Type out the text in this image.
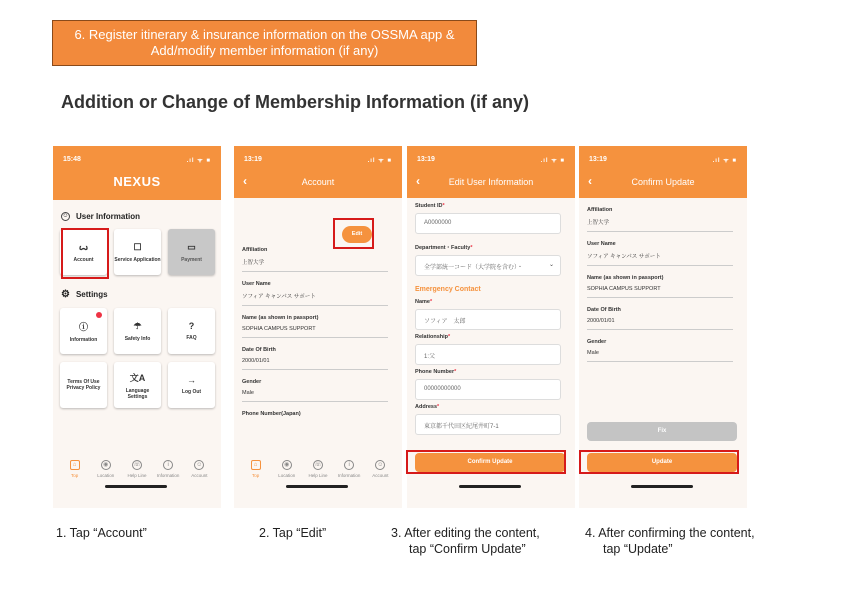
6. Register itinerary & insurance information on the OSSMA app &
Add/modify member information (if any)
Addition or Change of Membership Information (if any)
15:48	.ıl ᯤ ■
NEXUS
☺ User Information
ꙍ
Account
☐
Service Application
▭
Payment
⚙ Settings
ⓘ
Information
☂
Safety Info
?
FAQ
Terms Of Use Privacy Policy
文A
Language Settings
→
Log Out
⌂
Top
◉
Location
☏
Help Line
i
Information
☺
Account
13:19	.ıl ᯤ ■
‹	Account
Edit
Affiliation
上智大学
User Name
ソフィア キャンパス サポート
Name (as shown in passport)
SOPHIA CAMPUS SUPPORT
Date Of Birth
2000/01/01
Gender
Male
Phone Number(Japan)
⌂
Top
◉
Location
☏
Help Line
i
Information
☺
Account
13:19	.ıl ᯤ ■
‹	Edit User Information
Student ID*
A0000000
Department・Faculty*
全学部統一コード（大学院を含む）・	⌄
Emergency Contact
Name*
ソフィア　太郎
Relationship*
1:父
Phone Number*
00000000000
Address*
東京都千代田区紀尾井町7-1
Confirm Update
13:19	.ıl ᯤ ■
‹	Confirm Update
Affiliation
上智大学
User Name
ソフィア キャンパス サポート
Name (as shown in passport)
SOPHIA CAMPUS SUPPORT
Date Of Birth
2000/01/01
Gender
Male
Fix
Update
1. Tap “Account”	2. Tap “Edit”	3. After editing the content,
tap “Confirm Update”
4. After confirming the content,
tap “Update”
